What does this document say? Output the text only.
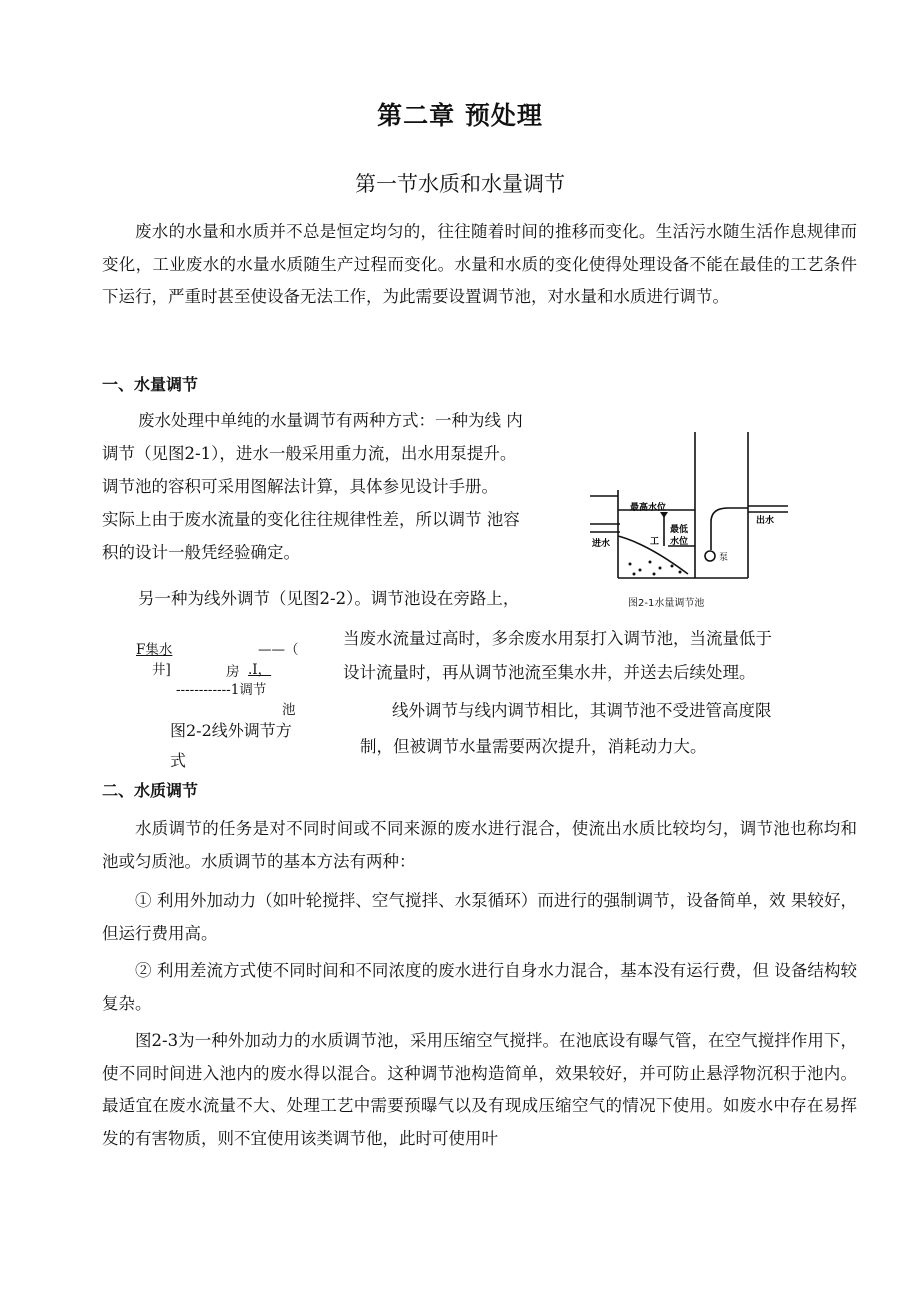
第二章 预处理
第一节水质和水量调节

废水的水量和水质并不总是恒定均匀的，往往随着时间的推移而变化。生活污水随生活作息规律而变化，工业废水的水量水质随生产过程而变化。水量和水质的变化使得处理设备不能在最佳的工艺条件下运行，严重时甚至使设备无法工作，为此需要设置调节池，对水量和水质进行调节。

一、水量调节

废水处理中单纯的水量调节有两种方式：一种为线 内

调节（见图2-1），进水一般采用重力流，出水用泵提升。

调节池的容积可采用图解法计算，具体参见设计手册。

实际上由于废水流量的变化往往规律性差，所以调节 池容

积的设计一般凭经验确定。

另一种为线外调节（见图2-2）。调节池设在旁路上，

最高水位
最低
水位
工
泵
进水
出水
图2-1水量调节池
F集水	——（
井]	房 .I，
------------1调节
池
图2-2线外调节方
式

当废水流量过高时，多余废水用泵打入调节池，当流量低于

设计流量时，再从调节池流至集水井，并送去后续处理。

线外调节与线内调节相比，其调节池不受进管高度限

制，但被调节水量需要两次提升，消耗动力大。

二、水质调节

水质调节的任务是对不同时间或不同来源的废水进行混合，使流出水质比较均匀，调节池也称均和池或匀质池。水质调节的基本方法有两种：

① 利用外加动力（如叶轮搅拌、空气搅拌、水泵循环）而进行的强制调节，设备简单，效 果较好，但运行费用高。

② 利用差流方式使不同时间和不同浓度的废水进行自身水力混合，基本没有运行费，但 设备结构较复杂。

图2-3为一种外加动力的水质调节池，采用压缩空气搅拌。在池底设有曝气管，在空气搅拌作用下，使不同时间进入池内的废水得以混合。这种调节池构造简单，效果较好，并可防止悬浮物沉积于池内。最适宜在废水流量不大、处理工艺中需要预曝气以及有现成压缩空气的情况下使用。如废水中存在易挥发的有害物质，则不宜使用该类调节他，此时可使用叶
